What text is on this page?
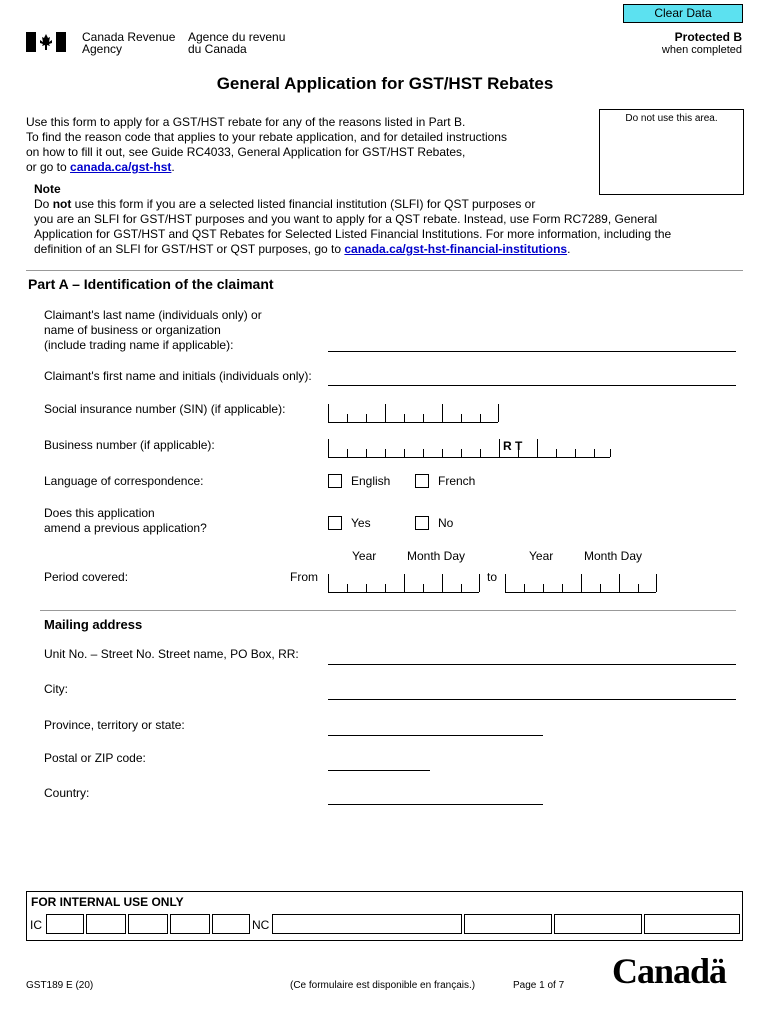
Clear Data
Canada Revenue
Agency
Agence du revenu
du Canada
Protected B
when completed
General Application for GST/HST Rebates
Use this form to apply for a GST/HST rebate for any of the reasons listed in Part B.
To find the reason code that applies to your rebate application, and for detailed instructions
on how to fill it out, see Guide RC4033, General Application for GST/HST Rebates,
or go to canada.ca/gst-hst.
Do not use this area.
Note
Do not use this form if you are a selected listed financial institution (SLFI) for QST purposes or
you are an SLFI for GST/HST purposes and you want to apply for a QST rebate. Instead, use Form RC7289, General
Application for GST/HST and QST Rebates for Selected Listed Financial Institutions. For more information, including the
definition of an SLFI for GST/HST or QST purposes, go to canada.ca/gst-hst-financial-institutions.
Part A – Identification of the claimant
Claimant's last name (individuals only) or
name of business or organization
(include trading name if applicable):
Claimant's first name and initials (individuals only):
Social insurance number (SIN) (if applicable):
Business number (if applicable):	R T
Language of correspondence:	English	French
Does this application
amend a previous application?	Yes	No
Year	Month Day	Year	Month Day
Period covered:	From	to
Mailing address
Unit No. – Street No. Street name, PO Box, RR:
City:
Province, territory or state:
Postal or ZIP code:
Country:
FOR INTERNAL USE ONLY
IC	NC
GST189 E (20)	(Ce formulaire est disponible en français.)	Page 1 of 7 Canadä
